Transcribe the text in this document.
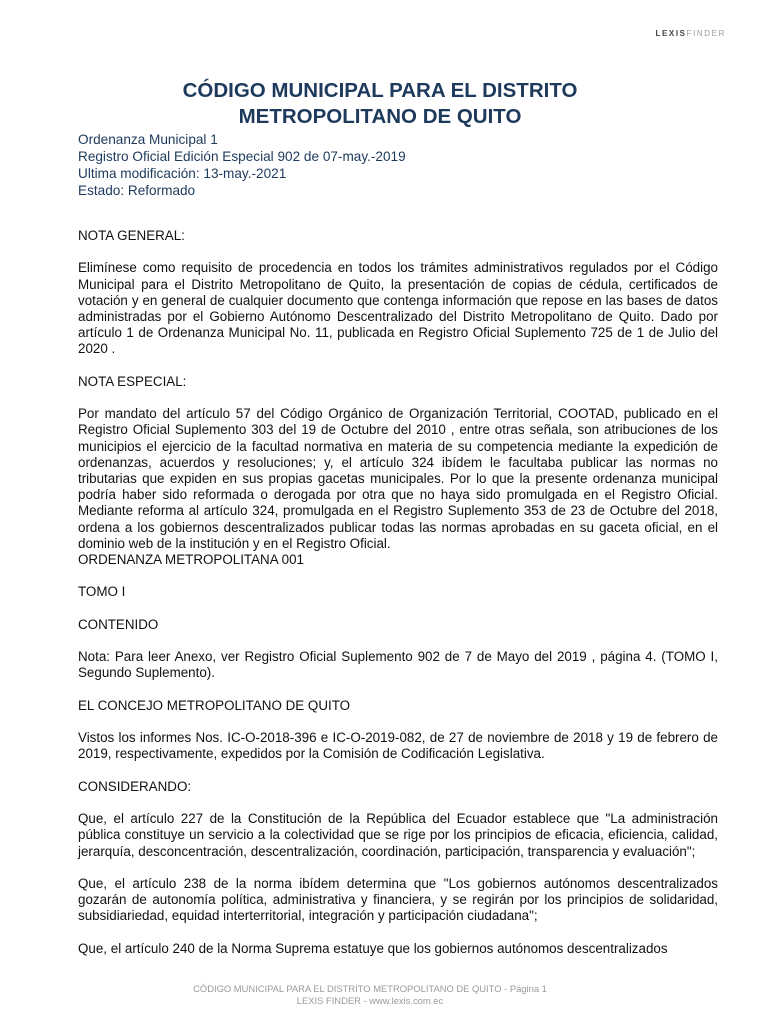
LEXISFINDER
CÓDIGO MUNICIPAL PARA EL DISTRITO
METROPOLITANO DE QUITO
Ordenanza Municipal 1
Registro Oficial Edición Especial 902 de 07-may.-2019
Ultima modificación: 13-may.-2021
Estado: Reformado

NOTA GENERAL:

Elimínese como requisito de procedencia en todos los trámites administrativos regulados por el Código Municipal para el Distrito Metropolitano de Quito, la presentación de copias de cédula, certificados de votación y en general de cualquier documento que contenga información que repose en las bases de datos administradas por el Gobierno Autónomo Descentralizado del Distrito Metropolitano de Quito. Dado por artículo 1 de Ordenanza Municipal No. 11, publicada en Registro Oficial Suplemento 725 de 1 de Julio del 2020 .

NOTA ESPECIAL:

Por mandato del artículo 57 del Código Orgánico de Organización Territorial, COOTAD, publicado en el Registro Oficial Suplemento 303 del 19 de Octubre del 2010 , entre otras señala, son atribuciones de los municipios el ejercicio de la facultad normativa en materia de su competencia mediante la expedición de ordenanzas, acuerdos y resoluciones; y, el artículo 324 ibídem le facultaba publicar las normas no tributarias que expiden en sus propias gacetas municipales. Por lo que la presente ordenanza municipal podría haber sido reformada o derogada por otra que no haya sido promulgada en el Registro Oficial. Mediante reforma al artículo 324, promulgada en el Registro Suplemento 353 de 23 de Octubre del 2018, ordena a los gobiernos descentralizados publicar todas las normas aprobadas en su gaceta oficial, en el dominio web de la institución y en el Registro Oficial.

ORDENANZA METROPOLITANA 001

TOMO I

CONTENIDO

Nota: Para leer Anexo, ver Registro Oficial Suplemento 902 de 7 de Mayo del 2019 , página 4. (TOMO I, Segundo Suplemento).

EL CONCEJO METROPOLITANO DE QUITO

Vistos los informes Nos. IC-O-2018-396 e IC-O-2019-082, de 27 de noviembre de 2018 y 19 de febrero de 2019, respectivamente, expedidos por la Comisión de Codificación Legislativa.

CONSIDERANDO:

Que, el artículo 227 de la Constitución de la República del Ecuador establece que "La administración pública constituye un servicio a la colectividad que se rige por los principios de eficacia, eficiencia, calidad, jerarquía, desconcentración, descentralización, coordinación, participación, transparencia y evaluación";

Que, el artículo 238 de la norma ibídem determina que "Los gobiernos autónomos descentralizados gozarán de autonomía política, administrativa y financiera, y se regirán por los principios de solidaridad, subsidiariedad, equidad interterritorial, integración y participación ciudadana";

Que, el artículo 240 de la Norma Suprema estatuye que los gobiernos autónomos descentralizados

CÓDIGO MUNICIPAL PARA EL DISTRITO METROPOLITANO DE QUITO - Página 1
LEXIS FINDER - www.lexis.com.ec
